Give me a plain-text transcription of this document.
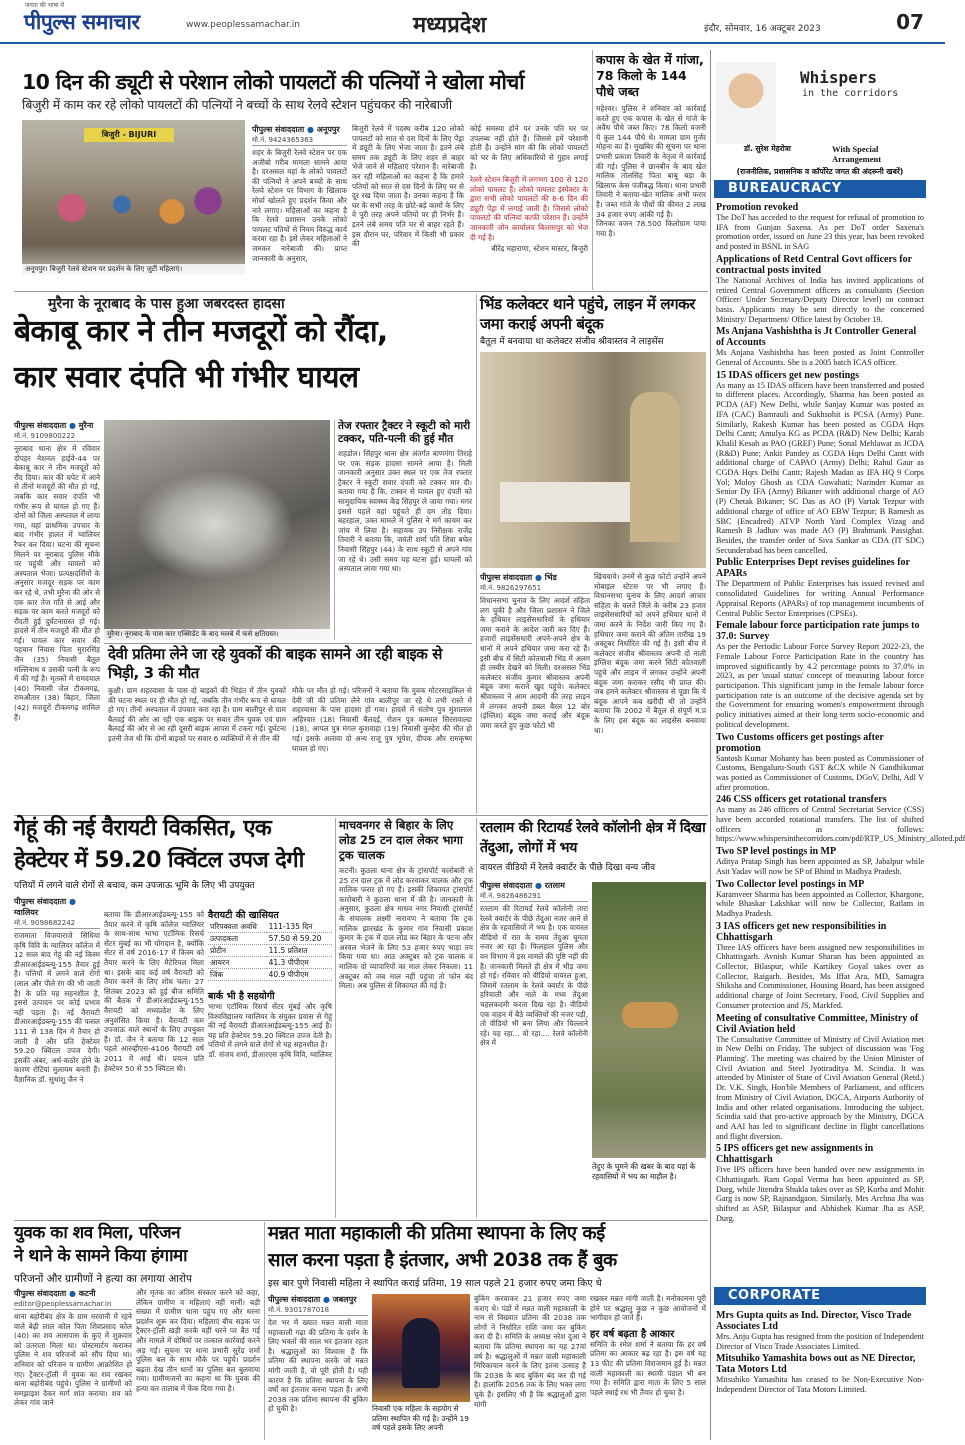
जनता की भाषा में
पीपुल्स समाचार	www.peoplessamachar.in	मध्यप्रदेश	इंदौर, सोमवार, 16 अक्टूबर 2023	07
10 दिन की ड्यूटी से परेशान लोको पायलटों की पत्नियों ने खोला मोर्चा
बिजुरी में काम कर रहे लोको पायलटों की पत्नियों ने बच्चों के साथ रेलवे स्टेशन पहुंचकर की नारेबाजी
बिजुरी - BIJURI
अनूपपुर। बिजुरी रेलवे स्टेशन पर प्रदर्शन के लिए जुटीं महिलाएं।
पीपुल्स संवाददाता ● अनूपपुर
मो.नं. 9424365363
शहर के बिजुरी रेलवे स्टेशन पर एक अजीबो गरीब मामला सामने आया है। दरअसल यहां के लोको पायलटों की पत्नियों ने अपने बच्चों के साथ रेलवे स्टेशन पर विभाग के खिलाफ मोर्चा खोलते हुए प्रदर्शन किया और नारे लगाए। महिलाओं का कहना है कि रेलवे प्रशासन उनके लोको पायलट पतियों से नियम विरुद्ध कार्य करवा रहा है। इसे लेकर महिलाओं ने जमकर नारेबाजी की। प्राप्त जानकारी के अनुसार,
बिजुरी रेलवे में पदस्थ करीब 120 लोको पायलटों को सात से दस दिनों के लिए पेंड्रा में ड्यूटी के लिए भेजा जाता है। इतने लंबे समय तक ड्यूटी के लिए शहर से बाहर भेजे जाने से महिलाएं परेशान हैं। नारेबाजी कर रही महिलाओं का कहना है कि हमारे पतियों को सात से दस दिनों के लिए घर से दूर रख दिया जाता है। उनका कहना है कि घर के सभी तरह के छोटे-बड़े कामों के लिए वे पूरी तरह अपने पतियों पर ही निर्भर हैं। इतने लंबे समय पति घर से बाहर रहते हैं। इस दौरान घर, परिवार में किसी भी प्रकार की
कोई समस्या होने पर उनके पति घर पर उपलब्ध नहीं होते हैं। जिससे हमें परेशानी होती है। उन्होंने मांग की कि लोको पायलटों को घर के लिए अधिकारियों से गुहार लगाई है।
रेलवे स्टेशन बिजुरी में लगभग 100 से 120 लोको पायलट हैं। लोको पायलट इंस्पेक्टर के द्वारा सभी लोको पायलटों की 6-6 दिन की ड्यूटी पेंड्रा में लगाई जाती है। जिससे लोको पायलटों की पत्नियां काफी परेशान हैं। उन्होंने जानकारी जोन कार्यालय बिलासपुर को भेज दी गई है।
बीरेंद्र महाराणा, स्टेशन मास्टर, बिजुरी
कपास के खेत में गांजा, 78 किलो के 144 पौधे जब्त
महेश्वर। पुलिस ने शनिवार को कार्रवाई करते हुए एक कपास के खेत से गांजे के अवैध पौधे जब्त किए। 78 किलो वजनी ये कुल 144 पौधे थे। मामला ग्राम गुर्जर मोहना का है। मुखबिर की सूचना पर थाना प्रभारी प्रकाश तिवारी के नेतृत्व में कार्रवाई की गई। पुलिस ने छानबीन के बाद खेत मालिक तोलसिंह पिता बाबू बड़ा के खिलाफ केस पंजीबद्ध किया। थाना प्रभारी तिवारी ने बताया-खेत मालिक अभी फरार है। जब्त गांजे के पौधों की कीमत 2 लाख 34 हजार रुपए आंकी गई है।
जिनका वजन 78.500 किलोग्राम पाया गया है।
Whispers
in the corridors
डॉ. सुरेश मेहरोत्रा	With Special Arrangement
(राजनीतिक, प्रशासनिक व कॉर्पोरेट जगत की अंदरूनी खबरें)
BUREAUCRACY
Promotion revoked
The DoT has acceded to the request for refusal of promotion to IFA from Gunjan Saxena. As per DoT order Saxena's promotion order, issued on June 23 this year, has been revoked and posted in BSNL in SAG
Applications of Retd Central Govt officers for contractual posts invited
The National Archives of India has invited applications of retired Central Government officers as consultants (Section Officer/ Under Secretary/Deputy Director level) on contract basis. Applicants may be sent directly to the concerned Ministry/ Department/ Office latest by October 19.
Ms Anjana Vashishtha is Jt Controller General of Accounts
Ms Anjana Vashishtha has been posted as Joint Controller General of Accounts. She is a 2005 batch ICAS officer.
15 IDAS officers get new postings
As many as 15 IDAS officers have been transferred and posted to different places. Accordingly, Sharma has been posted as PCDA (AF) New Delhi, while Sanjay Kumar was posted as IFA (CAC) Bamrauli and Sukhsohit is PCSA (Army) Pune. Similarly, Rakesh Kumar has been posted as CGDA Hqrs Delhi Cantt; Amulya KG as PCDA (R&D) New Delhi; Karab Khalil Kesah as PAO (GREF) Pune; Sonal Mehlawat as JCDA (R&D) Pune; Ankit Pandey as CGDA Hqrs Delhi Cantt with additional charge of CAPAO (Army) Delhi; Rahul Gaur as CGDA Hqrs Delhi Cantt; Rajesh Madan as IFA HQ 9 Corps Yol; Moloy Ghosh as CDA Guwahati; Narinder Kumar as Senior Dy IFA (Army) Bikaner with additional charge of AO (P) Chetak Bikaner; SC Das as AO (P) Vartak Tezpur with additional charge of office of AO EBW Tezpur; B Ramesh as SBC (Encadred) ATVP North Yard Complex Vizag and Ramesh B Jadhav was made AO (P) Brahmank Passighat. Besides, the transfer order of Siva Sankar as CDA (IT SDC) Secunderabad has been cancelled.
Public Enterprises Dept revises guidelines for APARs
The Department of Public Enterprises has issued revised and consolidated Guidelines for writing Annual Performance Appraisal Reports (APARs) of top management incumbents of Central Public Sector Enterprises (CPSEs).
Female labour force participation rate jumps to 37.0: Survey
As per the Periodic Labour Force Survey Report 2022-23, the Female Labour Force Participation Rate in the country has improved significantly by 4.2 percentage points to 37.0% in 2023, as per 'usual status' concept of measuring labour force participation. This significant jump in the female labour force participation rate is an outcome of the decisive agenda set by the Government for ensuring women's empowerment through policy initiatives aimed at their long term socio-economic and political development.
Two Customs officers get postings after promotion
Santosh Kumar Mohanty has been posted as Commissioner of Customs, Bengaluru-South GST &CX while N Gandhikumar was posted as Commissioner of Customs, DGoV, Delhi, Adl V after promotion.
246 CSS officers get rotational transfers
As many as 246 officers of Central Secretariat Service (CSS) have been accorded rotational transfers. The list of shifted officers as follows: https://www.whispersinthecorridors.com/pdf/RTP_US_Ministry_alloted.pdf
Two SP level postings in MP
Aditya Pratap Singh has been appointed as SP, Jabalpur while Asit Yadav will now be SP of Bhind in Madhya Pradesh.
Two Collector level postings in MP
Karamveer Sharma has been appointed as Collector, Khargone, while Bhaskar Lakshkar will now be Collector, Ratlam in Madhya Pradesh.
3 IAS officers get new responsibilities in Chhattisgarh
Three IAS officers have been assigned new responsibilities in Chhattisgarh. Avnish Kumar Sharan has been appointed as Collector, Bilaspur, while Kartikey Goyal takes over as Collector, Raigarh. Besides, Ms Iffat Ara, MD, Samagra Shiksha and Commissioner, Housing Board, has been assigned additional charge of Joint Secretary, Food, Civil Supplies and Consumer protection and JS, Markfed.
Meeting of consultative Committee, Ministry of Civil Aviation held
The Consultative Committee of Ministry of Civil Aviation met in New Delhi on Friday. The subject of discussion was 'Fog Planning'. The meeting was chaired by the Union Minister of Civil Aviation and Steel Jyotiraditya M. Scindia. It was attended by Minister of State of Civil Aviation General (Retd.) Dr. V.K. Singh, Hon'ble Members of Parliament, and officers from Ministry of Civil Aviation, DGCA, Airports Authority of India and other related organisations. Introducing the subject, Scindia said that pro-active approach by the Ministry, DGCA and AAI has led to significant decline in flight cancellations and flight diversion.
5 IPS officers get new assignments in Chhattisgarh
Five IPS officers have been handed over new assignments in Chhattisgarh. Ram Gopal Verma has been appointed as SP, Durg, while Jitendra Shukla takes over as SP, Korba and Mohit Garg is now SP, Rajnandgaon. Similarly, Mrs Archna Jha was shifted as ASP, Bilaspur and Abhishek Kumar Jha as ASP, Durg.
CORPORATE
Mrs Gupta quits as Ind. Director, Visco Trade Associates Ltd
Mrs. Anju Gupta has resigned from the position of Independent Director of Visco Trade Associates Limited.
Mitsuhiko Yamashita bows out as NE Director, Tata Motors Ltd
Mitsuhiko Yamashita has ceased to be Non-Executive Non-Independent Director of Tata Motors Limited.
मुरैना के नूराबाद के पास हुआ जबरदस्त हादसा
बेकाबू कार ने तीन मजदूरों को रौंदा,
कार सवार दंपति भी गंभीर घायल
पीपुल्स संवाददाता ● मुरैना
मो.नं. 9109800222
नूराबाद थाना क्षेत्र में रविवार दोपहर नेशनल हाईवे-44 पर बेकाबू कार ने तीन मजदूरों को रौंद दिया। कार की चपेट में आने से तीनों मजदूरों की मौत हो गई, जबकि कार सवार दंपति भी गंभीर रूप से घायल हो गए हैं। दोनों को जिला अस्पताल में लाया गया, यहां प्राथमिक उपचार के बाद गंभीर हालत में ग्वालियर रैफर कर दिया। घटना की सूचना मिलने पर नूराबाद पुलिस मौके पर पहुंची और घायलों को अस्पताल भेजा। प्रत्यक्षदर्शियों के अनुसार मजदूर सड़क पर काम कर रहे थे, तभी मुरैना की ओर से एक कार तेज गति से आई और सड़क पर काम करते मजदूरों को रौंदती हुई दुर्घटनाग्रस्त हो गई। हादसे में तीन मजदूरों की मौत हो गई। घायल कार सवार की पहचान निवास पिता मुरारसिंह जैन (35) निवासी बैतूल मल्लिनाथ व उसकी पत्नी के रूप में की गई है। मृतकों में रामदयाल (40) निवासी जेल टीकमगढ़, रामऔतार (38) बिहार, जिला (42) मजदूरों टीकमगढ़ शामिल हैं।
मुरैना। नूराबाद के पास कार एक्सिडेंट के बाद मलबे में फंसे क्षतिग्रस्त।
तेज रफ्तार ट्रैक्टर ने स्कूटी को मारी टक्कर, पति-पत्नी की हुई मौत
शहडोल। सिंहपुर थाना क्षेत्र अंतर्गत बाणगंगा तिराहे पर एक सड़क हादसा सामने आया है। मिली जानकारी अनुसार उक्त स्थल पर एक तेज रफ्तार ट्रैक्टर ने स्कूटी सवार दंपती को टक्कर मार दी। बताया गया है कि, टक्कर से घायल हुए दंपती को सामुदायिक स्वास्थ्य केंद्र सिंहपुर ले जाया गया। मगर इससे पहले वहां पहुंचते ही दम तोड़ दिया। बहरहाल, उक्त मामले में पुलिस ने मर्ग कायम कर जांच में लिया है। सहायक उप निरीक्षक राजेंद्र तिवारी ने बताया कि, जयंती शर्मा पति शिवा बघेल निवासी सिंहपुर (44) के साथ स्कूटी से अपने गांव जा रहे थे। उसी समय यह घटना हुई। घायलों को अस्पताल लाया गया था।
भिंड कलेक्टर थाने पहुंचे, लाइन में लगकर जमा कराई अपनी बंदूक
बैतूल में बनवाया था कलेक्टर संजीव श्रीवास्तव ने लाइसेंस
पीपुल्स संवाददाता ● भिंड
मो.नं. 9826297651
विधानसभा चुनाव के लिए आदर्श संहिता लग चुकी है और जिला प्रशासन ने जिले के हथियार लाइसेंसधारियों के हथियार जमा कराने के आदेश जारी कर दिए हैं। हजारों लाइसेंसधारी अपने-अपने क्षेत्र के थानों में अपने हथियार जमा करा रहे हैं। इसी बीच में सिटी कोतवाली भिंड में अलग ही तस्वीर देखने को मिली। दरअसल भिंड कलेक्टर संजीव कुमार श्रीवास्तव अपनी बंदूक जमा कराने खुद पहुंचे। कलेक्टर श्रीवास्तव ने आम आदमी की तरह लाइन में लगकर अपनी डबल बैरल 12 बोर (इंग्लिश) बंदूक जमा कराई और बंदूक जमा करते हुए कुछ फोटो भी
खिंचवाये। उनमें से कुछ फोटो उन्होंने अपने मोबाइल स्टेटस पर भी लगाए हैं। विधानसभा चुनाव के लिए आदर्श आचार संहिता के चलते जिले के करीब 23 हजार लाइसेंसधारियों को अपने हथियार थानों में जमा करने के निर्देश जारी किए गए हैं। हथियार जमा कराने की अंतिम तारीख 19 अक्टूबर निर्धारित की गई है। इसी बीच में कलेक्टर संजीव श्रीवास्तव अपनी दो नाली इंग्लिश बंदूक जमा करने सिटी कोतवाली पहुंचे और लाइन में लगकर उन्होंने अपनी बंदूक जमा कराकर रसीद भी प्राप्त की। जब हमने कलेक्टर श्रीवास्तव से पूछा कि ये बंदूक आपने कब खरीदी थी तो उन्होंने बताया कि 2002 में बैतूल से संपूर्ण म.प्र के लिए इस बंदूक का लाइसेंस बनवाया था।
देवी प्रतिमा लेने जा रहे युवकों की बाइक सामने आ रही बाइक से भिड़ी, 3 की मौत
कुक्षी। ग्राम शहरवासा के पास दो बाइकों की भिड़ंत में तीन युवकों की घटना स्थल पर ही मौत हो गई, जबकि तीन गंभीर रूप से घायल हो गए। तीनों अस्पताल में उपचार करा रहा है। ग्राम बालीपुर से ग्राम बैलदई की ओर आ रही एक बाइक पर सवार तीन युवक एवं ग्राम बैलदई की ओर से आ रही दूसरी बाइक आपस में टकरा गई। दुर्घटना इतनी तेज थी कि दोनों बाइकों पर सवार 6 व्यक्तियों में से तीन की
मौके पर मौत हो गई। परिजनों ने बताया कि युवक मोटरसाइकिल से देवी जी की प्रतिमा लेने गांव बालीपुर जा रहे थे तभी रास्ते में शहरवासा के पास हादसा हो गया। हादसे में संतोष पुत्र मुंशालाल अहिरवार (18) निवासी बैलदई, रोशन पुत्र कम्माल सिरसवाल्दा (18), आपल पुत्र मंगल कुशवाहा (19) निवासी कुम्हेरा की मौत हो गई। इसके अलावा दो अन्य राजू पुत्र भूपेश, दीपक और रामकृष्ण घायल हो गए।
गेहूं की नई वैरायटी विकसित, एक
हेक्टेयर में 59.20 क्विंटल उपज देगी
पत्तियों में लगने वाले रोगों से बचाव, कम उपजाऊ भूमि के लिए भी उपयुक्त
पीपुल्स संवाददाता ● ग्वालियर
मो.नं. 9098682242
राजमाता विजयाराजे सिंधिया कृषि विवि के ग्वालियर कॉलेज में 12 साल बाद गेहूं की नई किस्म डीआरआईडब्ल्यू-155 तैयार हुई है। पत्तियों में लगने वाले रोगों (लाल और पीले रंग की भी जाती है) के प्रति यह सहनशील है, इससे उत्पादन पर कोई प्रभाव नहीं पड़ता है। नई वैरायटी डीआरआईडब्ल्यू-155 की फसल 111 से 138 दिन में तैयार हो जाती है और प्रति हेक्टेयर 59.20 क्विंटल उपज देगी। इसकी अंबर, अर्ध-कठोर होने के कारण रोटियां मुलायम बनती हैं। वैज्ञानिक डॉ. सुधांशु जैन ने
बताया कि डीआरआईडब्ल्यू-155 को तैयार करने में कृषि कॉलेज ग्वालियर के साथ-साथ भाभा एटॉमिक रिसर्च सेंटर मुंबई का भी योगदान है, क्योंकि सेंटर से वर्ष 2016-17 में किस्म को तैयार करने के लिए मैटेरियल मिला था। इसके बाद कई वर्ष वैरायटी को तैयार करने के लिए शोध चला। 27 सितंबर 2023 को हुई बीज समिति की बैठक में डीआरआईडब्ल्यू-155 वैरायटी को मध्यप्रदेश के लिए अनुशंसित किया है। वैरायटी कम उपजाऊ वाले स्थानों के लिए उपयुक्त है। डॉ. जैन ने बताया कि 12 साल पहले आरव्हीएस-4106 वैरायटी वर्ष 2011 में आई थी। प्रयत्न प्रति हेक्टेयर 50 से 55 क्विंटल थी।
वैरायटी की खासियत
परिपक्वता अवधि	111-135 दिन
उत्पादकता	57.50 से 59.20
प्रोटीन	11.5 प्रतिशत
आयरन	41.3 पीपीएम
जिंक	40.9 पीपीएम
बार्क भी है सहयोगी
भाभा एटॉमिक रिसर्च सेंटर मुंबई और कृषि विश्वविद्यालय ग्वालियर के संयुक्त प्रयास से गेहूं की नई वैरायटी डीआरआईडब्ल्यू-155 आई है। यह प्रति हेक्टेयर 59.20 क्विंटल उपज देती है। पत्तियों में लगने वाले रोगों से यह सहनशील है।
डॉ. संजय शर्मा, डीआरएस कृषि विवि, ग्वालियर
माचवनगर से बिहार के लिए लोड 25 टन दाल लेकर भागा ट्रक चालक
कटनी। कुठला थाना क्षेत्र के ट्रांसपोर्ट कारोबारी से 25 टन दाल ट्रक में लोड करवाकर चालक और ट्रक मालिक फरार हो गए हैं। इसकी शिकायत ट्रांसपोर्ट कारोबारी ने कुठला थाना में की है। जानकारी के अनुसार, कुठला क्षेत्र माधव नगर निवासी ट्रांसपोर्ट के संचालक लक्ष्मी नारायण ने बताया कि ट्रक मालिक झारखंड के कुमार गांव निवासी प्रकाश कुमार के ट्रक में दाल लोड कर बिहार के पटना और अरवल भेजने के लिए 53 हजार रुपए भाड़ा तय किया गया था। आठ अक्टूबर को ट्रक चालक व मालिक दो व्यापारियों का माल लेकर निकला। 11 अक्टूबर को जब माल नहीं पहुंचा तो फोन बंद मिला। अब पुलिस से शिकायत की गई है।
रतलाम की रिटायर्ड रेलवे कॉलोनी क्षेत्र में दिखा तेंदुआ, लोगों में भय
वायरल वीडियो में रेलवे क्वार्टर के पीछे दिखा वन्य जीव
पीपुल्स संवाददाता ● रतलाम
मो.नं. 9826486291
रतलाम की रिटायर्ड रेलवे कॉलोनी तारा रेलवे क्वार्टर के पीछे तेंदुआ नजर आने से क्षेत्र के रहवासियों में भय है। एक वायरल वीडियो में रात के समय तेंदुआ घूमता नजर आ रहा है। फिलहाल पुलिस और वन विभाग में इस मामले की पुष्टि नहीं की है। जानकारी मिलते ही क्षेत्र में भीड़ जमा हो गई। रविवार को वीडियो वायरल हुआ, जिसमें रतलाम के रेलवे क्वार्टर के पीछे हरियाली और नाले के मध्य तेंदुआ चहलकदमी करता दिख रहा है। वीडियो एक वाहन में बैठे व्यक्तियों की नजर पड़ी, तो वीडियो भी बना लिया और चिल्लाने रहे। यह रहा... वो रहा.... रेलवे कॉलोनी क्षेत्र में
तेंदुए के घूमने की खबर के बाद यहां के रहवासियों में भय का माहौल है।
युवक का शव मिला, परिजन
ने थाने के सामने किया हंगामा
परिजनों और ग्रामीणों ने हत्या का लगाया आरोप
पीपुल्स संवाददाता ● कटनी
editor@peoplessamachar.in
थाना बहोरीबंद क्षेत्र के ग्राम मरवानी में रहने वाले बेढ़ी लाल कोल पिता शिवप्रसाद कोल (40) का शव आसपास के कुएं में शुक्रवार को उतराता मिला था। पोस्टमार्टम कराकर पुलिस ने शव परिजनों को सौंप दिया था। शनिवार को परिजन व ग्रामीण आक्रोशित हो गए। ट्रैक्टर-ट्रॉली में युवक का शव रखकर थाना बहोरीबंद पहुंचे। पुलिस ने ग्रामीणों को समझाइश देकर मार्ग शांत कराया। शव को लेकर गांव जाने
और मृतक का अंतिम संस्कार करने को कहा, लेकिन ग्रामीण व महिलाएं नहीं मानीं। बड़ी संख्या में ग्रामीण थाना पहुंच गए और धरना प्रदर्शन शुरू कर दिया। महिलाएं बीच सड़क पर ट्रैक्टर-ट्रॉली खड़ी करके वहीं धरने पर बैठ गईं और मामले में दोषियों पर तत्काल कार्रवाई करने अड़ गईं। सूचना पर थाना प्रभारी सुरेंद्र शर्मा पुलिस बल के साथ मौके पर पहुंचे। प्रदर्शन बढ़ता देख तीन थानों का पुलिस बल बुलवाया गया। ग्रामीणजनों का कहना था कि युवक की हत्या कर तालाब में फेंक दिया गया है।
मन्नत माता महाकाली की प्रतिमा स्थापना के लिए कई
साल करना पड़ता है इंतजार, अभी 2038 तक हैं बुक
इस बार पुणे निवासी महिला ने स्थापित कराई प्रतिमा, 19 साल पहले 21 हजार रुपए जमा किए थे
पीपुल्स संवाददाता ● जबलपुर
मो.नं. 9301787018
देश भर में ख्यात मन्नत वाली माता महाकाली गढ़ा की प्रतिमा के दर्शन के लिए भक्तों की साल भर इंतजार रहता है। श्रद्धालुओं का विश्वास है कि प्रतिमा की स्थापना करके जो मन्नत मांगी जाती है, वो पूरी होती है। यही कारण है कि प्रतिमा स्थापना के लिए वर्षों का इंतजार करना पड़ता है। अभी 2038 तक प्रतिमा स्थापना की बुकिंग हो चुकी है।	निवासी एक महिला के सहयोग से प्रतिमा स्थापित की गई है। उन्होंने 19 वर्ष पहले इसके लिए अपनी
बुकिंग करवाकर 21 हजार रुपए जमा कराए थे। पंडों में मन्नत वाली महाकाली के नाम से विख्यात प्रतिमा की 2038 तक लोगों ने निर्धारित राशि जमा कर बुकिंग करा दी है। समिति के अध्यक्ष नरेश दुआ ने बताया कि प्रतिमा स्थापना का यह 27वां वर्ष है। श्रद्धालुओं में मन्नत वाली महाकाली मिरिकायान करने के लिए इतना उत्साह है कि 2038 के बाद बुकिंग बंद कर दी गई है। हालांकि 2056 तक के लिए भक्त लगा चुके हैं। इसलिए भी है कि श्रद्धालुओं द्वारा मांगी
रखकर मन्नत मांगी जाती है। मनोकामना पूरी होने पर श्रद्धालु कुछ न कुछ आयोजनों में भागीदार हो जाते हैं।
हर वर्ष बढ़ता है आकार
समिति के रमेश शर्मा ने बताया कि हर वर्ष प्रतिमा का आकार बढ़ रहा है। इस वर्ष यह 13 फीट की प्रतिमा विराजमान हुई है। मन्नत वाली महाकाली का स्थायी पंडाल भी बन गया है। समिति द्वारा माता के लिए 5 साल पहले स्थाई रथ भी तैयार हो चुका है।
